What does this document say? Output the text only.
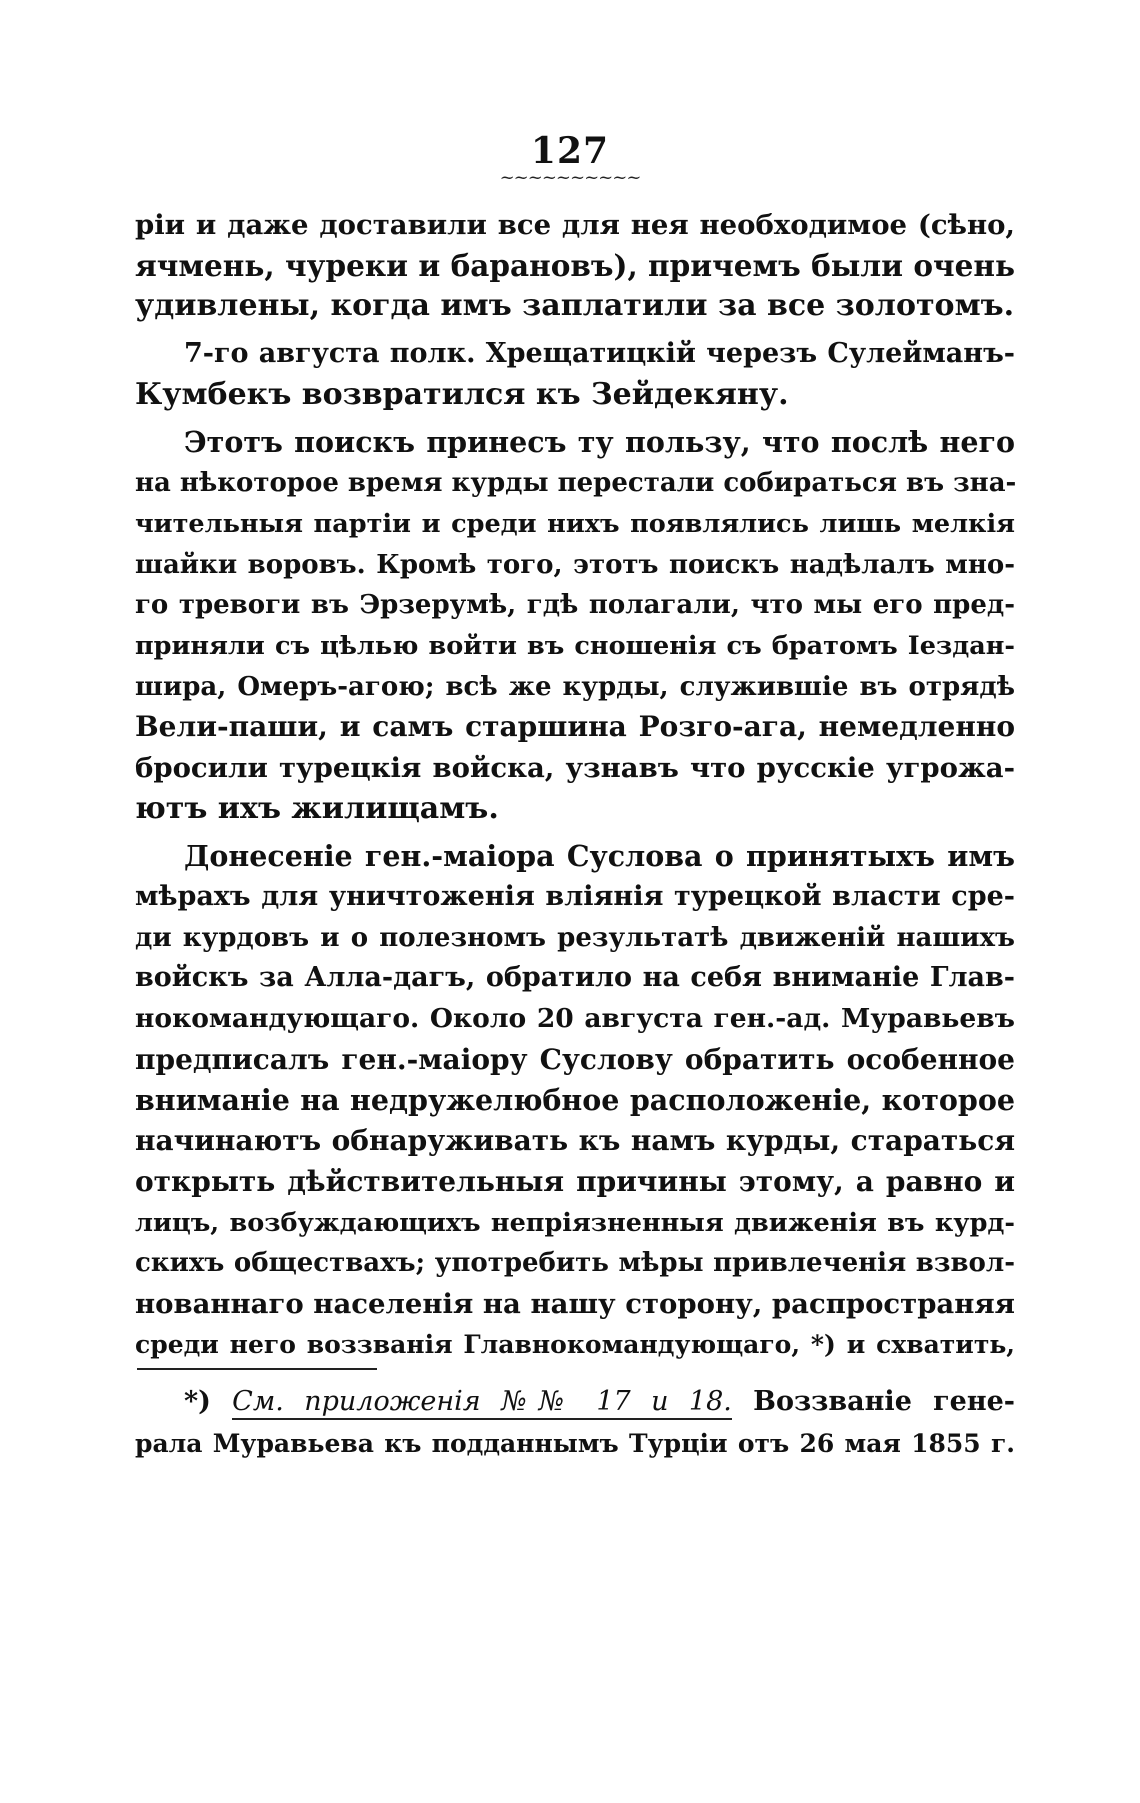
127
~~~~~~~~~~
ріи и даже доставили все для нея необходимое (сѣно,
ячмень, чуреки и барановъ), причемъ были очень
удивлены, когда имъ заплатили за все золотомъ.
7-го августа полк. Хрещатицкій черезъ Сулейманъ-
Кумбекъ возвратился къ Зейдекяну.
Этотъ поискъ принесъ ту пользу, что послѣ него
на нѣкоторое время курды перестали собираться въ зна-
чительныя партіи и среди нихъ появлялись лишь мелкія
шайки воровъ. Кромѣ того, этотъ поискъ надѣлалъ мно-
го тревоги въ Эрзерумѣ, гдѣ полагали, что мы его пред-
приняли съ цѣлью войти въ сношенія съ братомъ Іездан-
шира, Омеръ-агою; всѣ же курды, служившіе въ отрядѣ
Вели-паши, и самъ старшина Розго-ага, немедленно
бросили турецкія войска, узнавъ что русскіе угрожа-
ютъ ихъ жилищамъ.
Донесеніе ген.-маіора Суслова о принятыхъ имъ
мѣрахъ для уничтоженія вліянія турецкой власти сре-
ди курдовъ и о полезномъ результатѣ движеній нашихъ
войскъ за Алла-дагъ, обратило на себя вниманіе Глав-
нокомандующаго. Около 20 августа ген.-ад. Муравьевъ
предписалъ ген.-маіору Суслову обратить особенное
вниманіе на недружелюбное расположеніе, которое
начинаютъ обнаруживать къ намъ курды, стараться
открыть дѣйствительныя причины этому, а равно и
лицъ, возбуждающихъ непріязненныя движенія въ курд-
скихъ обществахъ; употребить мѣры привлеченія взвол-
нованнаго населенія на нашу сторону, распространяя
среди него воззванія Главнокомандующаго, *) и схватить,
*) См. приложенія №№ 17 и 18. Воззваніе гене-
рала Муравьева къ подданнымъ Турціи отъ 26 мая 1855 г.
